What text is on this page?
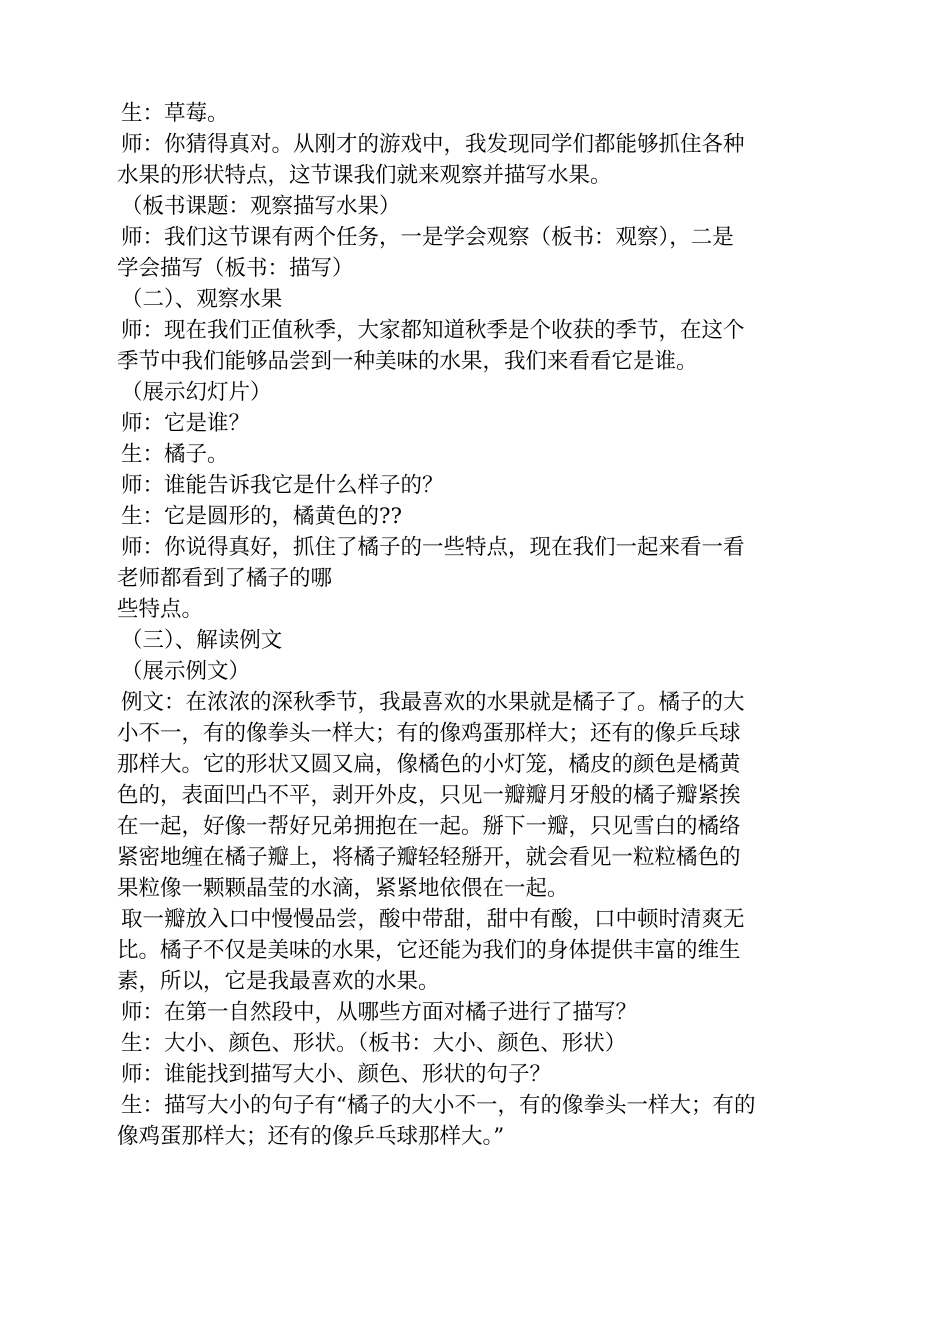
生：草莓。
师：你猜得真对。从刚才的游戏中，我发现同学们都能够抓住各种
水果的形状特点，这节课我们就来观察并描写水果。
（板书课题：观察描写水果）
师：我们这节课有两个任务，一是学会观察（板书：观察），二是
学会描写（板书：描写）
（二）、观察水果
师：现在我们正值秋季，大家都知道秋季是个收获的季节，在这个
季节中我们能够品尝到一种美味的水果，我们来看看它是谁。
（展示幻灯片）
师：它是谁？
生：橘子。
师：谁能告诉我它是什么样子的？
生：它是圆形的，橘黄色的??
师：你说得真好，抓住了橘子的一些特点，现在我们一起来看一看
老师都看到了橘子的哪
些特点。
（三）、解读例文
（展示例文）
例文：在浓浓的深秋季节，我最喜欢的水果就是橘子了。橘子的大
小不一，有的像拳头一样大；有的像鸡蛋那样大；还有的像乒乓球
那样大。它的形状又圆又扁，像橘色的小灯笼，橘皮的颜色是橘黄
色的，表面凹凸不平，剥开外皮，只见一瓣瓣月牙般的橘子瓣紧挨
在一起，好像一帮好兄弟拥抱在一起。掰下一瓣，只见雪白的橘络
紧密地缠在橘子瓣上，将橘子瓣轻轻掰开，就会看见一粒粒橘色的
果粒像一颗颗晶莹的水滴，紧紧地依偎在一起。
取一瓣放入口中慢慢品尝，酸中带甜，甜中有酸，口中顿时清爽无
比。橘子不仅是美味的水果，它还能为我们的身体提供丰富的维生
素，所以，它是我最喜欢的水果。
师：在第一自然段中，从哪些方面对橘子进行了描写？
生：大小、颜色、形状。（板书：大小、颜色、形状）
师：谁能找到描写大小、颜色、形状的句子？
生：描写大小的句子有“橘子的大小不一，有的像拳头一样大；有的
像鸡蛋那样大；还有的像乒乓球那样大。”
